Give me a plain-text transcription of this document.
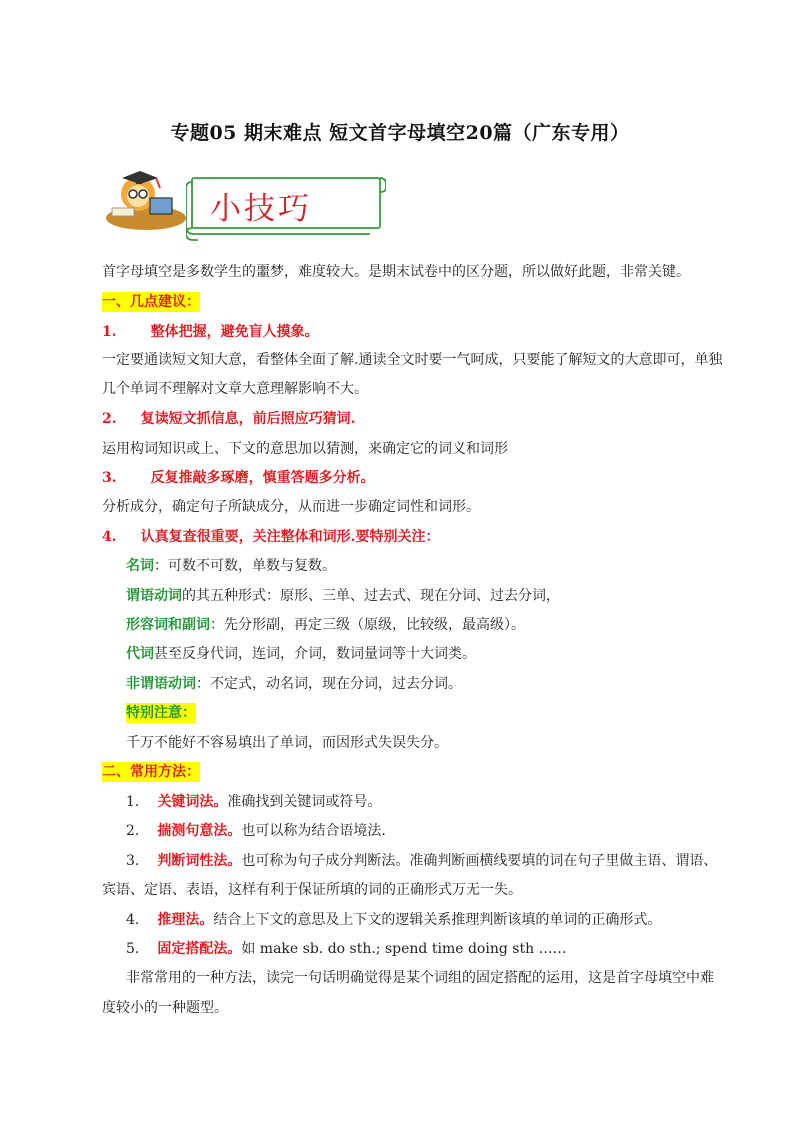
专题05 期末难点 短文首字母填空20篇（广东专用）
小技巧
首字母填空是多数学生的噩梦，难度较大。是期末试卷中的区分题，所以做好此题，非常关键。
一、几点建议：
1. 整体把握，避免盲人摸象。
一定要通读短文知大意，看整体全面了解.通读全文时要一气呵成，只要能了解短文的大意即可，单独
几个单词不理解对文章大意理解影响不大。
2. 复读短文抓信息，前后照应巧猜词.
运用构词知识或上、下文的意思加以猜测，来确定它的词义和词形
3. 反复推敲多琢磨，慎重答题多分析。
分析成分，确定句子所缺成分，从而进一步确定词性和词形。
4. 认真复查很重要，关注整体和词形.要特别关注：
名词：可数不可数，单数与复数。
谓语动词的其五种形式：原形、三单、过去式、现在分词、过去分词，
形容词和副词：先分形副，再定三级（原级，比较级，最高级）。
代词甚至反身代词，连词，介词，数词量词等十大词类。
非谓语动词：不定式，动名词，现在分词，过去分词。
特别注意：
千万不能好不容易填出了单词，而因形式失误失分。
二、常用方法：
1. 关键词法。准确找到关键词或符号。
2. 揣测句意法。也可以称为结合语境法.
3. 判断词性法。也可称为句子成分判断法。准确判断画横线要填的词在句子里做主语、谓语、
宾语、定语、表语，这样有利于保证所填的词的正确形式万无一失。
4. 推理法。结合上下文的意思及上下文的逻辑关系推理判断该填的单词的正确形式。
5. 固定搭配法。如 make sb. do sth.; spend time doing sth ……
非常常用的一种方法，读完一句话明确觉得是某个词组的固定搭配的运用，这是首字母填空中难
度较小的一种题型。
